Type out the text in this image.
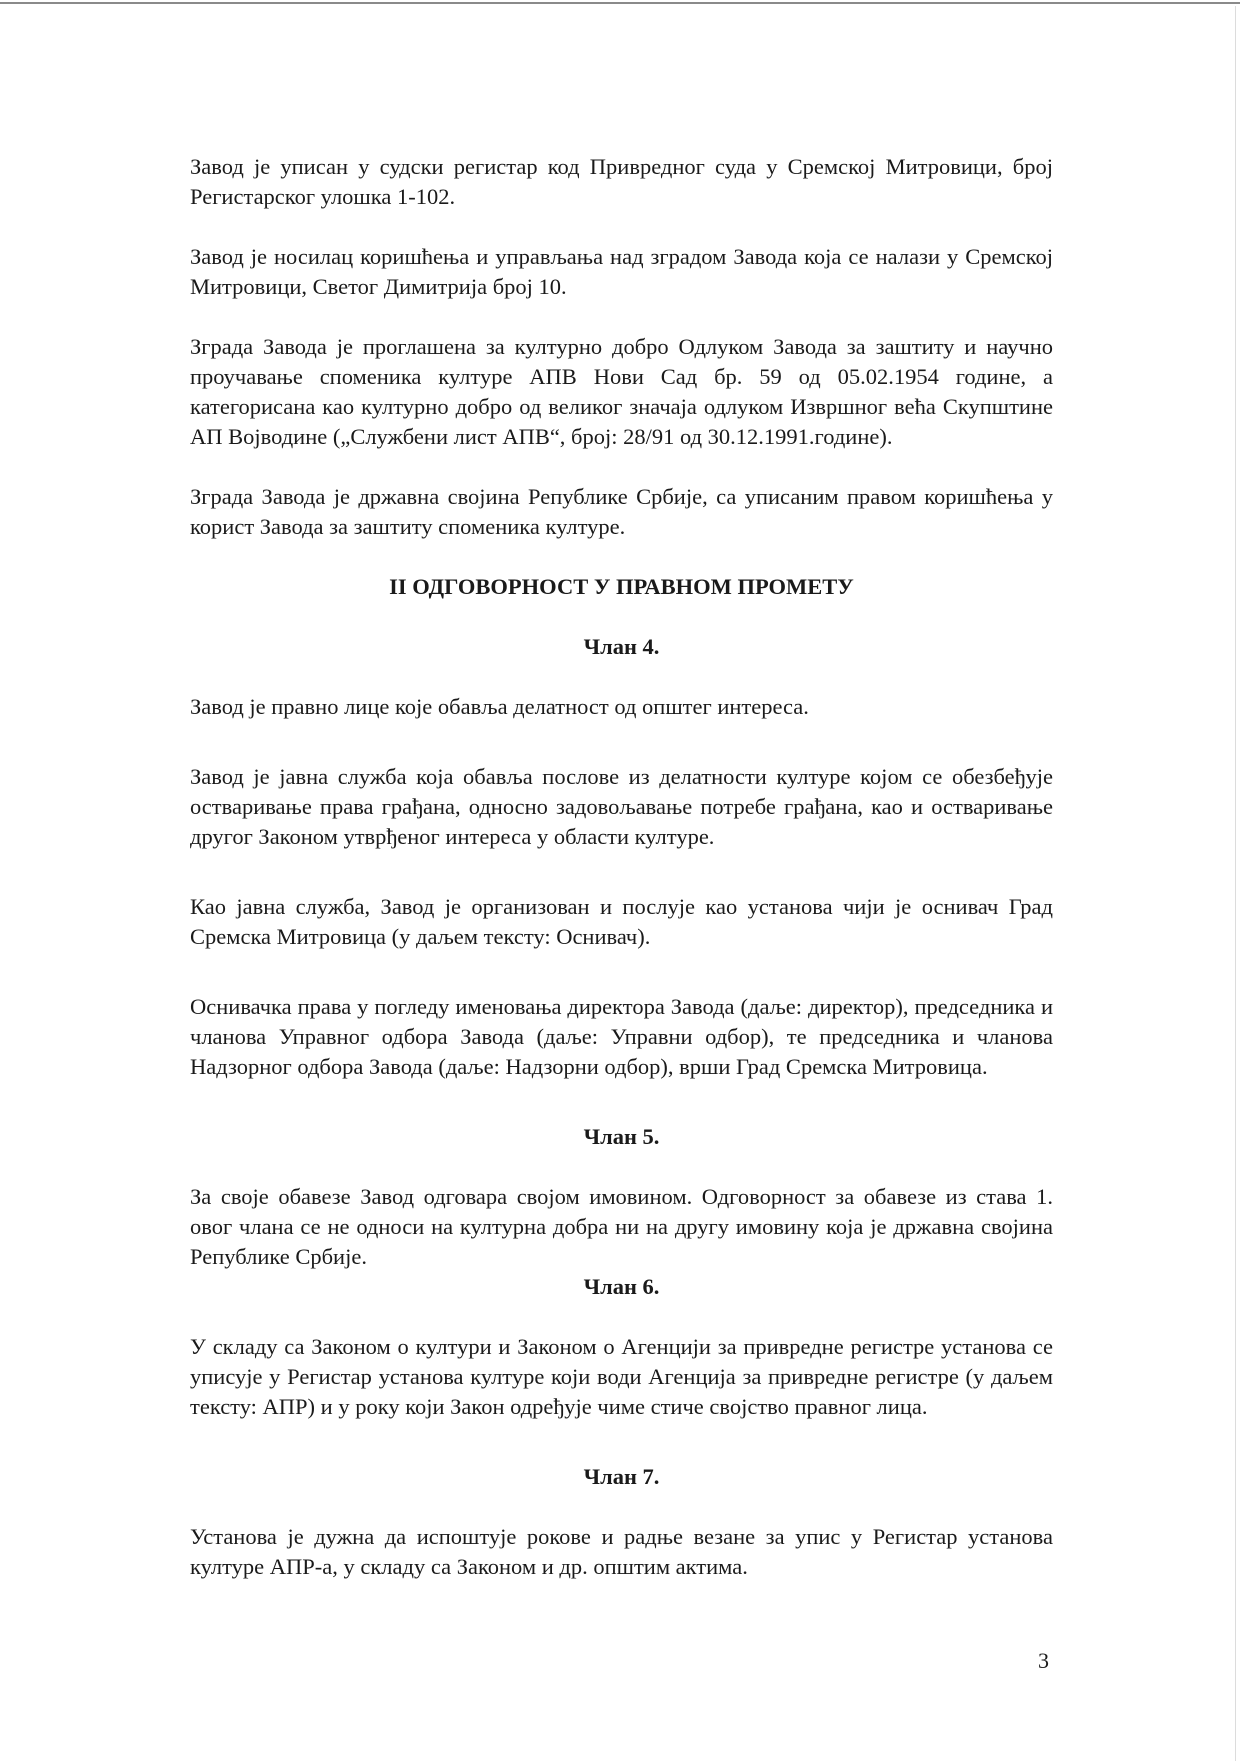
Завод је уписан у судски регистар код Привредног суда у Сремској Митровици, број Регистарског улошка 1-102.

Завод је носилац коришћења и управљања над зградом Завода која се налази у Сремској Митровици, Светог Димитрија број 10.

Зграда Завода је проглашена за културно добро Одлуком Завода за заштиту и научно проучавање споменика културе АПВ Нови Сад бр. 59 од 05.02.1954 године, а категорисана као културно добро од великог значаја одлуком Извршног већа Скупштине АП Војводине („Службени лист АПВ“, број: 28/91 од 30.12.1991.године).

Зграда Завода је државна својина Републике Србије, са уписаним правом коришћења у корист Завода за заштиту споменика културе.

II ОДГОВОРНОСТ У ПРАВНОМ ПРОМЕТУ

Члан 4.

Завод је правно лице које обавља делатност од општег интереса.

Завод је јавна служба која обавља послове из делатности културе којом се обезбеђује остваривање права грађана, односно задовољавање потребе грађана, као и остваривање другог Законом утврђеног интереса у области културе.

Као јавна служба, Завод је организован и послује као установа чији је оснивач Град Сремска Митровица (у даљем тексту: Оснивач).

Оснивачка права у погледу именовања директора Завода (даље: директор), председника и чланова Управног одбора Завода (даље: Управни одбор), те председника и чланова Надзорног одбора Завода (даље: Надзорни одбор), врши Град Сремска Митровица.

Члан 5.

За своје обавезе Завод одговара својом имовином. Одговорност за обавезе из става 1. овог члана се не односи на културна добра ни на другу имовину која је државна својина Републике Србије.

Члан 6.

У складу са Законом о култури и Законом о Агенцији за привредне регистре установа се уписује у Регистар установа културе који води Агенција за привредне регистре (у даљем тексту: АПР) и у року који Закон одређује чиме стиче својство правног лица.

Члан 7.

Установа је дужна да испоштује рокове и радње везане за упис у Регистар установа културе АПР-а, у складу са Законом и др. општим актима.

3
